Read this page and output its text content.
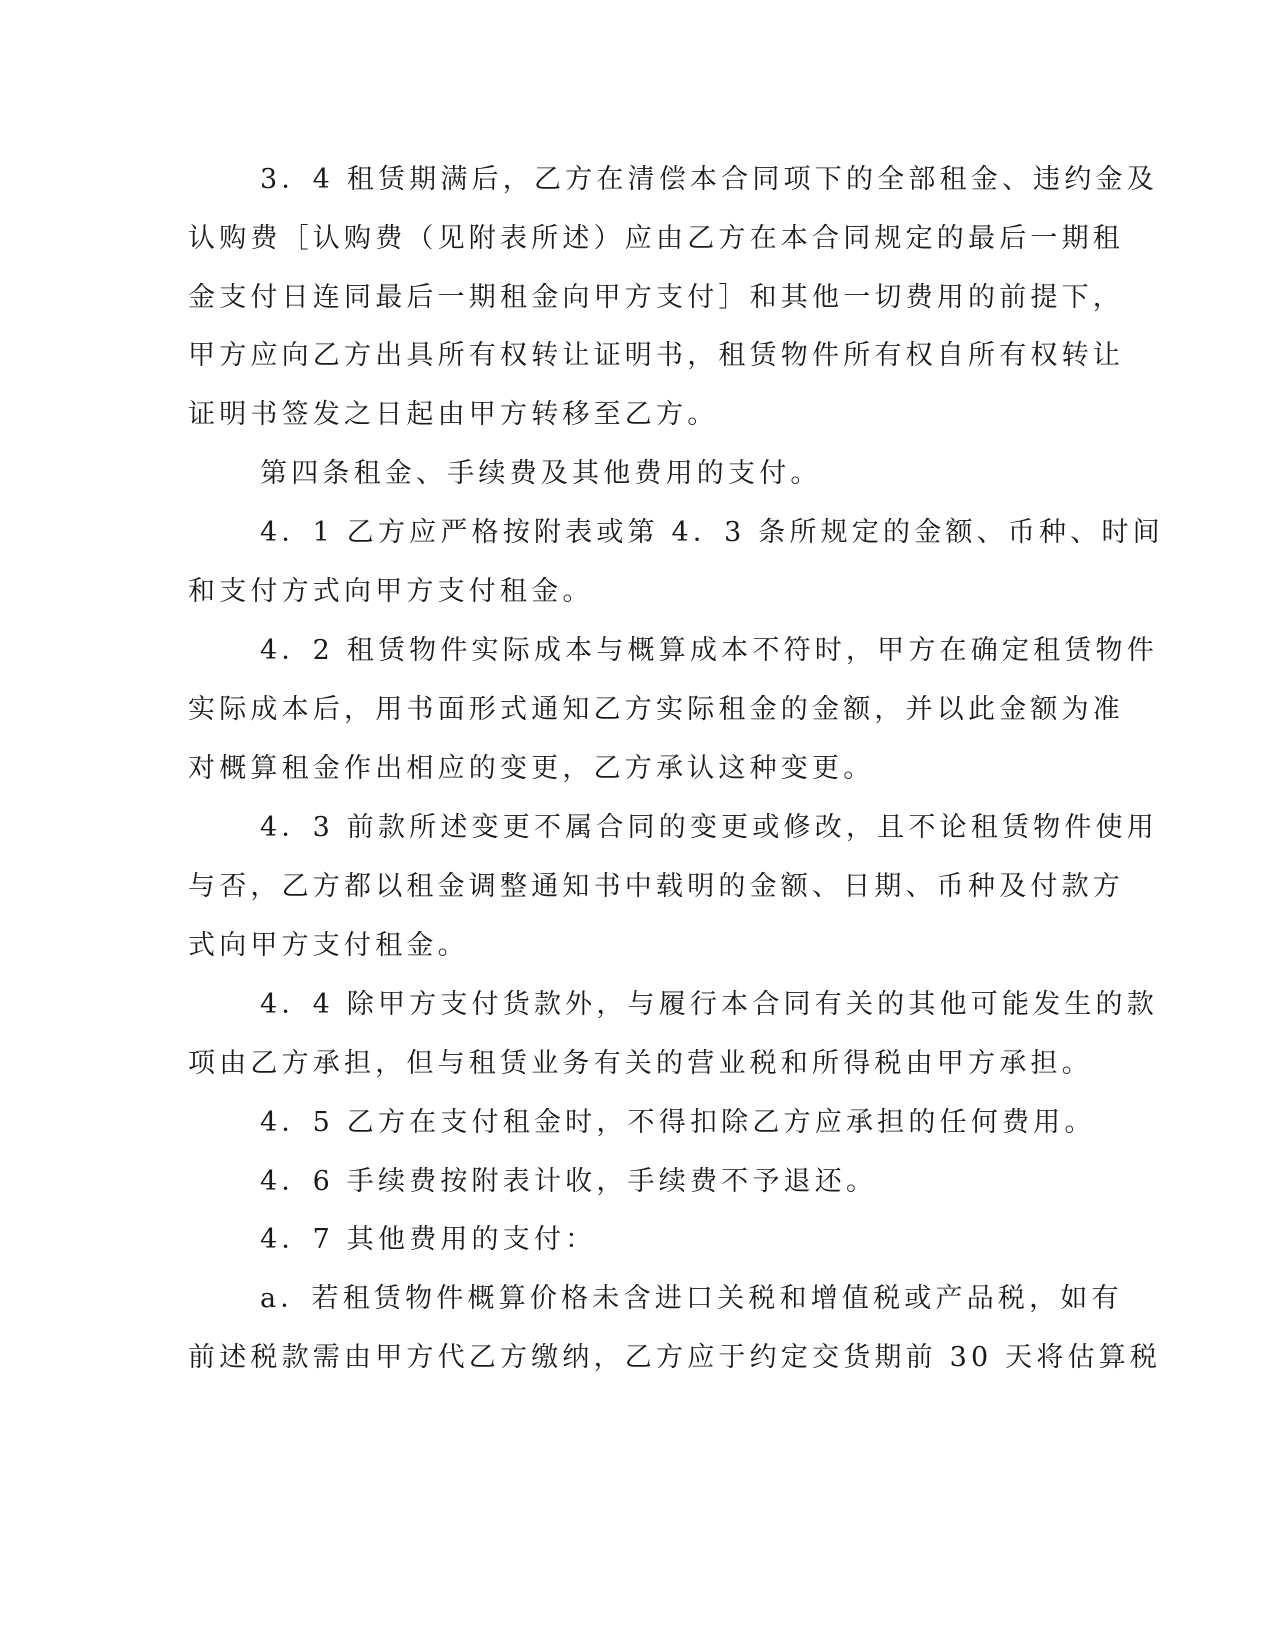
3．4 租赁期满后，乙方在清偿本合同项下的全部租金、违约金及
认购费［认购费（见附表所述）应由乙方在本合同规定的最后一期租
金支付日连同最后一期租金向甲方支付］和其他一切费用的前提下，
甲方应向乙方出具所有权转让证明书，租赁物件所有权自所有权转让
证明书签发之日起由甲方转移至乙方。
第四条租金、手续费及其他费用的支付。
4．1 乙方应严格按附表或第 4．3 条所规定的金额、币种、时间
和支付方式向甲方支付租金。
4．2 租赁物件实际成本与概算成本不符时，甲方在确定租赁物件
实际成本后，用书面形式通知乙方实际租金的金额，并以此金额为准
对概算租金作出相应的变更，乙方承认这种变更。
4．3 前款所述变更不属合同的变更或修改，且不论租赁物件使用
与否，乙方都以租金调整通知书中载明的金额、日期、币种及付款方
式向甲方支付租金。
4．4 除甲方支付货款外，与履行本合同有关的其他可能发生的款
项由乙方承担，但与租赁业务有关的营业税和所得税由甲方承担。
4．5 乙方在支付租金时，不得扣除乙方应承担的任何费用。
4．6 手续费按附表计收，手续费不予退还。
4．7 其他费用的支付：
a．若租赁物件概算价格未含进口关税和增值税或产品税，如有
前述税款需由甲方代乙方缴纳，乙方应于约定交货期前 30 天将估算税
